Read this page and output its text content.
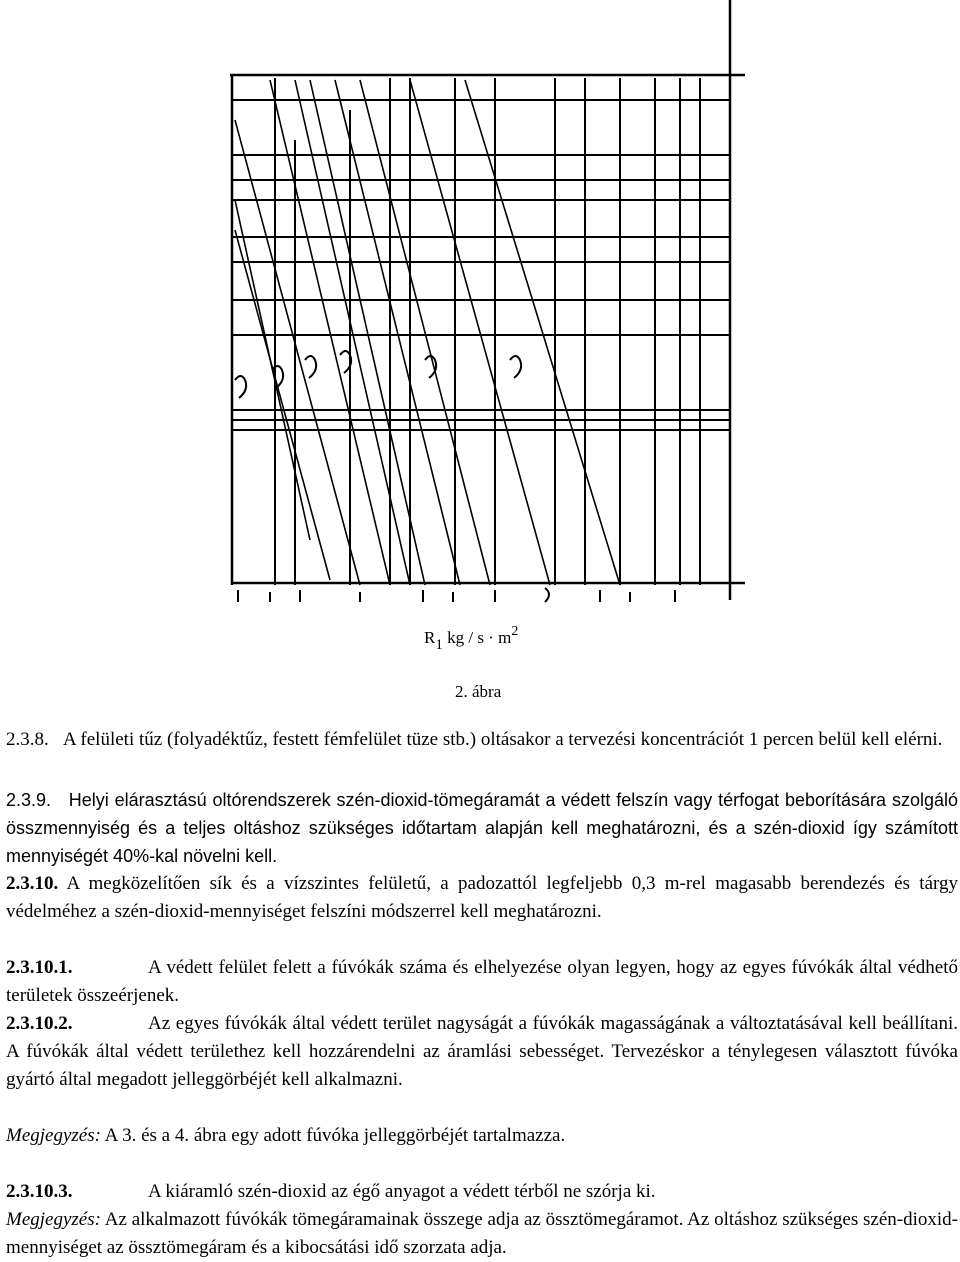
R1 kg / $s \cdot m^2$
2. ábra
2.3.8. A felületi tűz (folyadéktűz, festett fémfelület tüze stb.) oltásakor a tervezési koncentrációt 1 percen belül kell elérni.
2.3.9. Helyi elárasztású oltórendszerek szén-dioxid-tömegáramát a védett felszín vagy térfogat beborítására szolgáló összmennyiség és a teljes oltáshoz szükséges időtartam alapján kell meghatározni, és a szén-dioxid így számított mennyiségét 40%-kal növelni kell.
2.3.10. A megközelítően sík és a vízszintes felületű, a padozattól legfeljebb 0,3 m-rel magasabb berendezés és tárgy védelméhez a szén-dioxid-mennyiséget felszíni módszerrel kell meghatározni.
2.3.10.1.	A védett felület felett a fúvókák száma és elhelyezése olyan legyen, hogy az egyes fúvókák által védhető területek összeérjenek.
2.3.10.2.	Az egyes fúvókák által védett terület nagyságát a fúvókák magasságának a változtatásával kell beállítani. A fúvókák által védett területhez kell hozzárendelni az áramlási sebességet. Tervezéskor a ténylegesen választott fúvóka gyártó által megadott jelleggörbéjét kell alkalmazni.
Megjegyzés: A 3. és a 4. ábra egy adott fúvóka jelleggörbéjét tartalmazza.
2.3.10.3.	A kiáramló szén-dioxid az égő anyagot a védett térből ne szórja ki.
Megjegyzés: Az alkalmazott fúvókák tömegáramainak összege adja az össztömegáramot. Az oltáshoz szükséges szén-dioxid-mennyiséget az össztömegáram és a kibocsátási idő szorzata adja.
